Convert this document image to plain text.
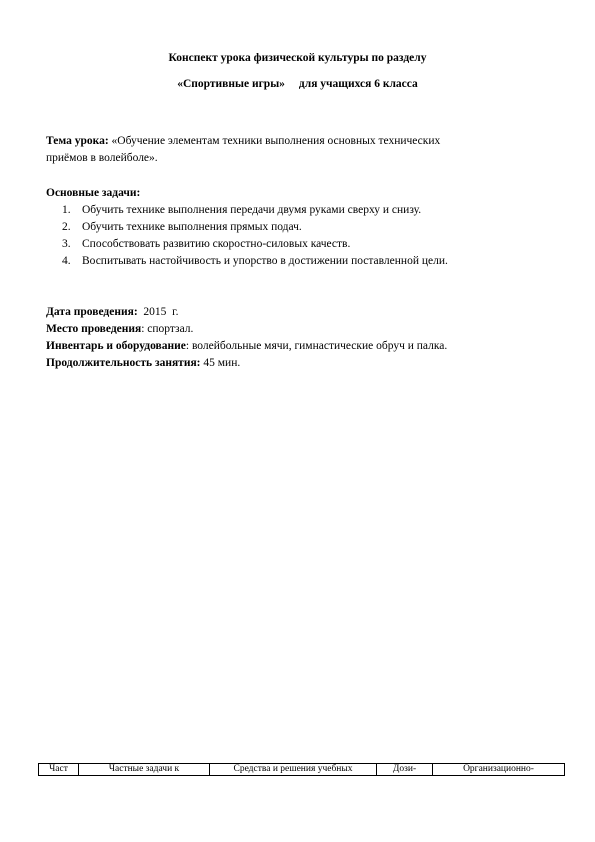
Конспект урока физической культуры по разделу
«Спортивные игры» для учащихся 6 класса
Тема урока: «Обучение элементам техники выполнения основных технических
приёмов в волейболе».
Основные задачи:
1. Обучить технике выполнения передачи двумя руками сверху и снизу.
2. Обучить технике выполнения прямых подач.
3. Способствовать развитию скоростно-силовых качеств.
4. Воспитывать настойчивость и упорство в достижении поставленной цели.
Дата проведения:  2015  г.
Место проведения: спортзал.
Инвентарь и оборудование: волейбольные мячи, гимнастические обруч и палка.
Продолжительность занятия: 45 мин.
Част	Частные задачи к	Средства и решения учебных	Дози-	Организационно-
